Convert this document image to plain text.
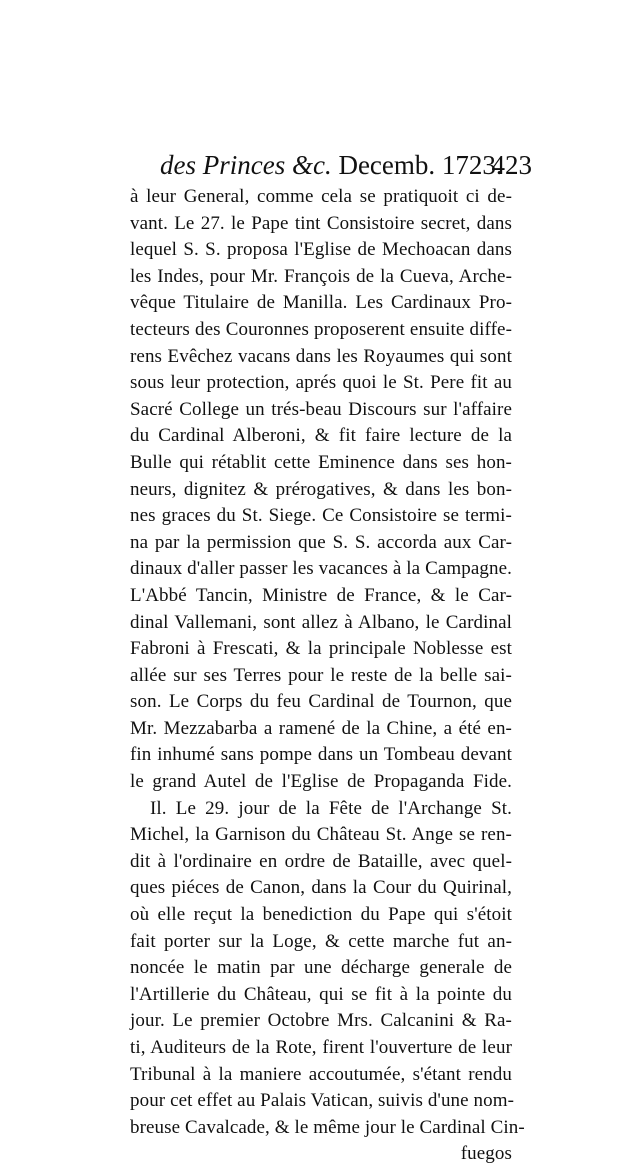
des Princes &c. Decemb. 1723.
423
à leur General, comme cela se pratiquoit ci de-
vant. Le 27. le Pape tint Consistoire secret, dans
lequel S. S. proposa l'Eglise de Mechoacan dans
les Indes, pour Mr. François de la Cueva, Arche-
vêque Titulaire de Manilla. Les Cardinaux Pro-
tecteurs des Couronnes proposerent ensuite diffe-
rens Evêchez vacans dans les Royaumes qui sont
sous leur protection, aprés quoi le St. Pere fit au
Sacré College un trés-beau Discours sur l'affaire
du Cardinal Alberoni, & fit faire lecture de la
Bulle qui rétablit cette Eminence dans ses hon-
neurs, dignitez & prérogatives, & dans les bon-
nes graces du St. Siege. Ce Consistoire se termi-
na par la permission que S. S. accorda aux Car-
dinaux d'aller passer les vacances à la Campagne.
L'Abbé Tancin, Ministre de France, & le Car-
dinal Vallemani, sont allez à Albano, le Cardinal
Fabroni à Frescati, & la principale Noblesse est
allée sur ses Terres pour le reste de la belle sai-
son. Le Corps du feu Cardinal de Tournon, que
Mr. Mezzabarba a ramené de la Chine, a été en-
fin inhumé sans pompe dans un Tombeau devant
le grand Autel de l'Eglise de Propaganda Fide.
Il. Le 29. jour de la Fête de l'Archange St.
Michel, la Garnison du Château St. Ange se ren-
dit à l'ordinaire en ordre de Bataille, avec quel-
ques piéces de Canon, dans la Cour du Quirinal,
où elle reçut la benediction du Pape qui s'étoit
fait porter sur la Loge, & cette marche fut an-
noncée le matin par une décharge generale de
l'Artillerie du Château, qui se fit à la pointe du
jour. Le premier Octobre Mrs. Calcanini & Ra-
ti, Auditeurs de la Rote, firent l'ouverture de leur
Tribunal à la maniere accoutumée, s'étant rendu
pour cet effet au Palais Vatican, suivis d'une nom-
breuse Cavalcade, & le même jour le Cardinal Cin-
fuegos
